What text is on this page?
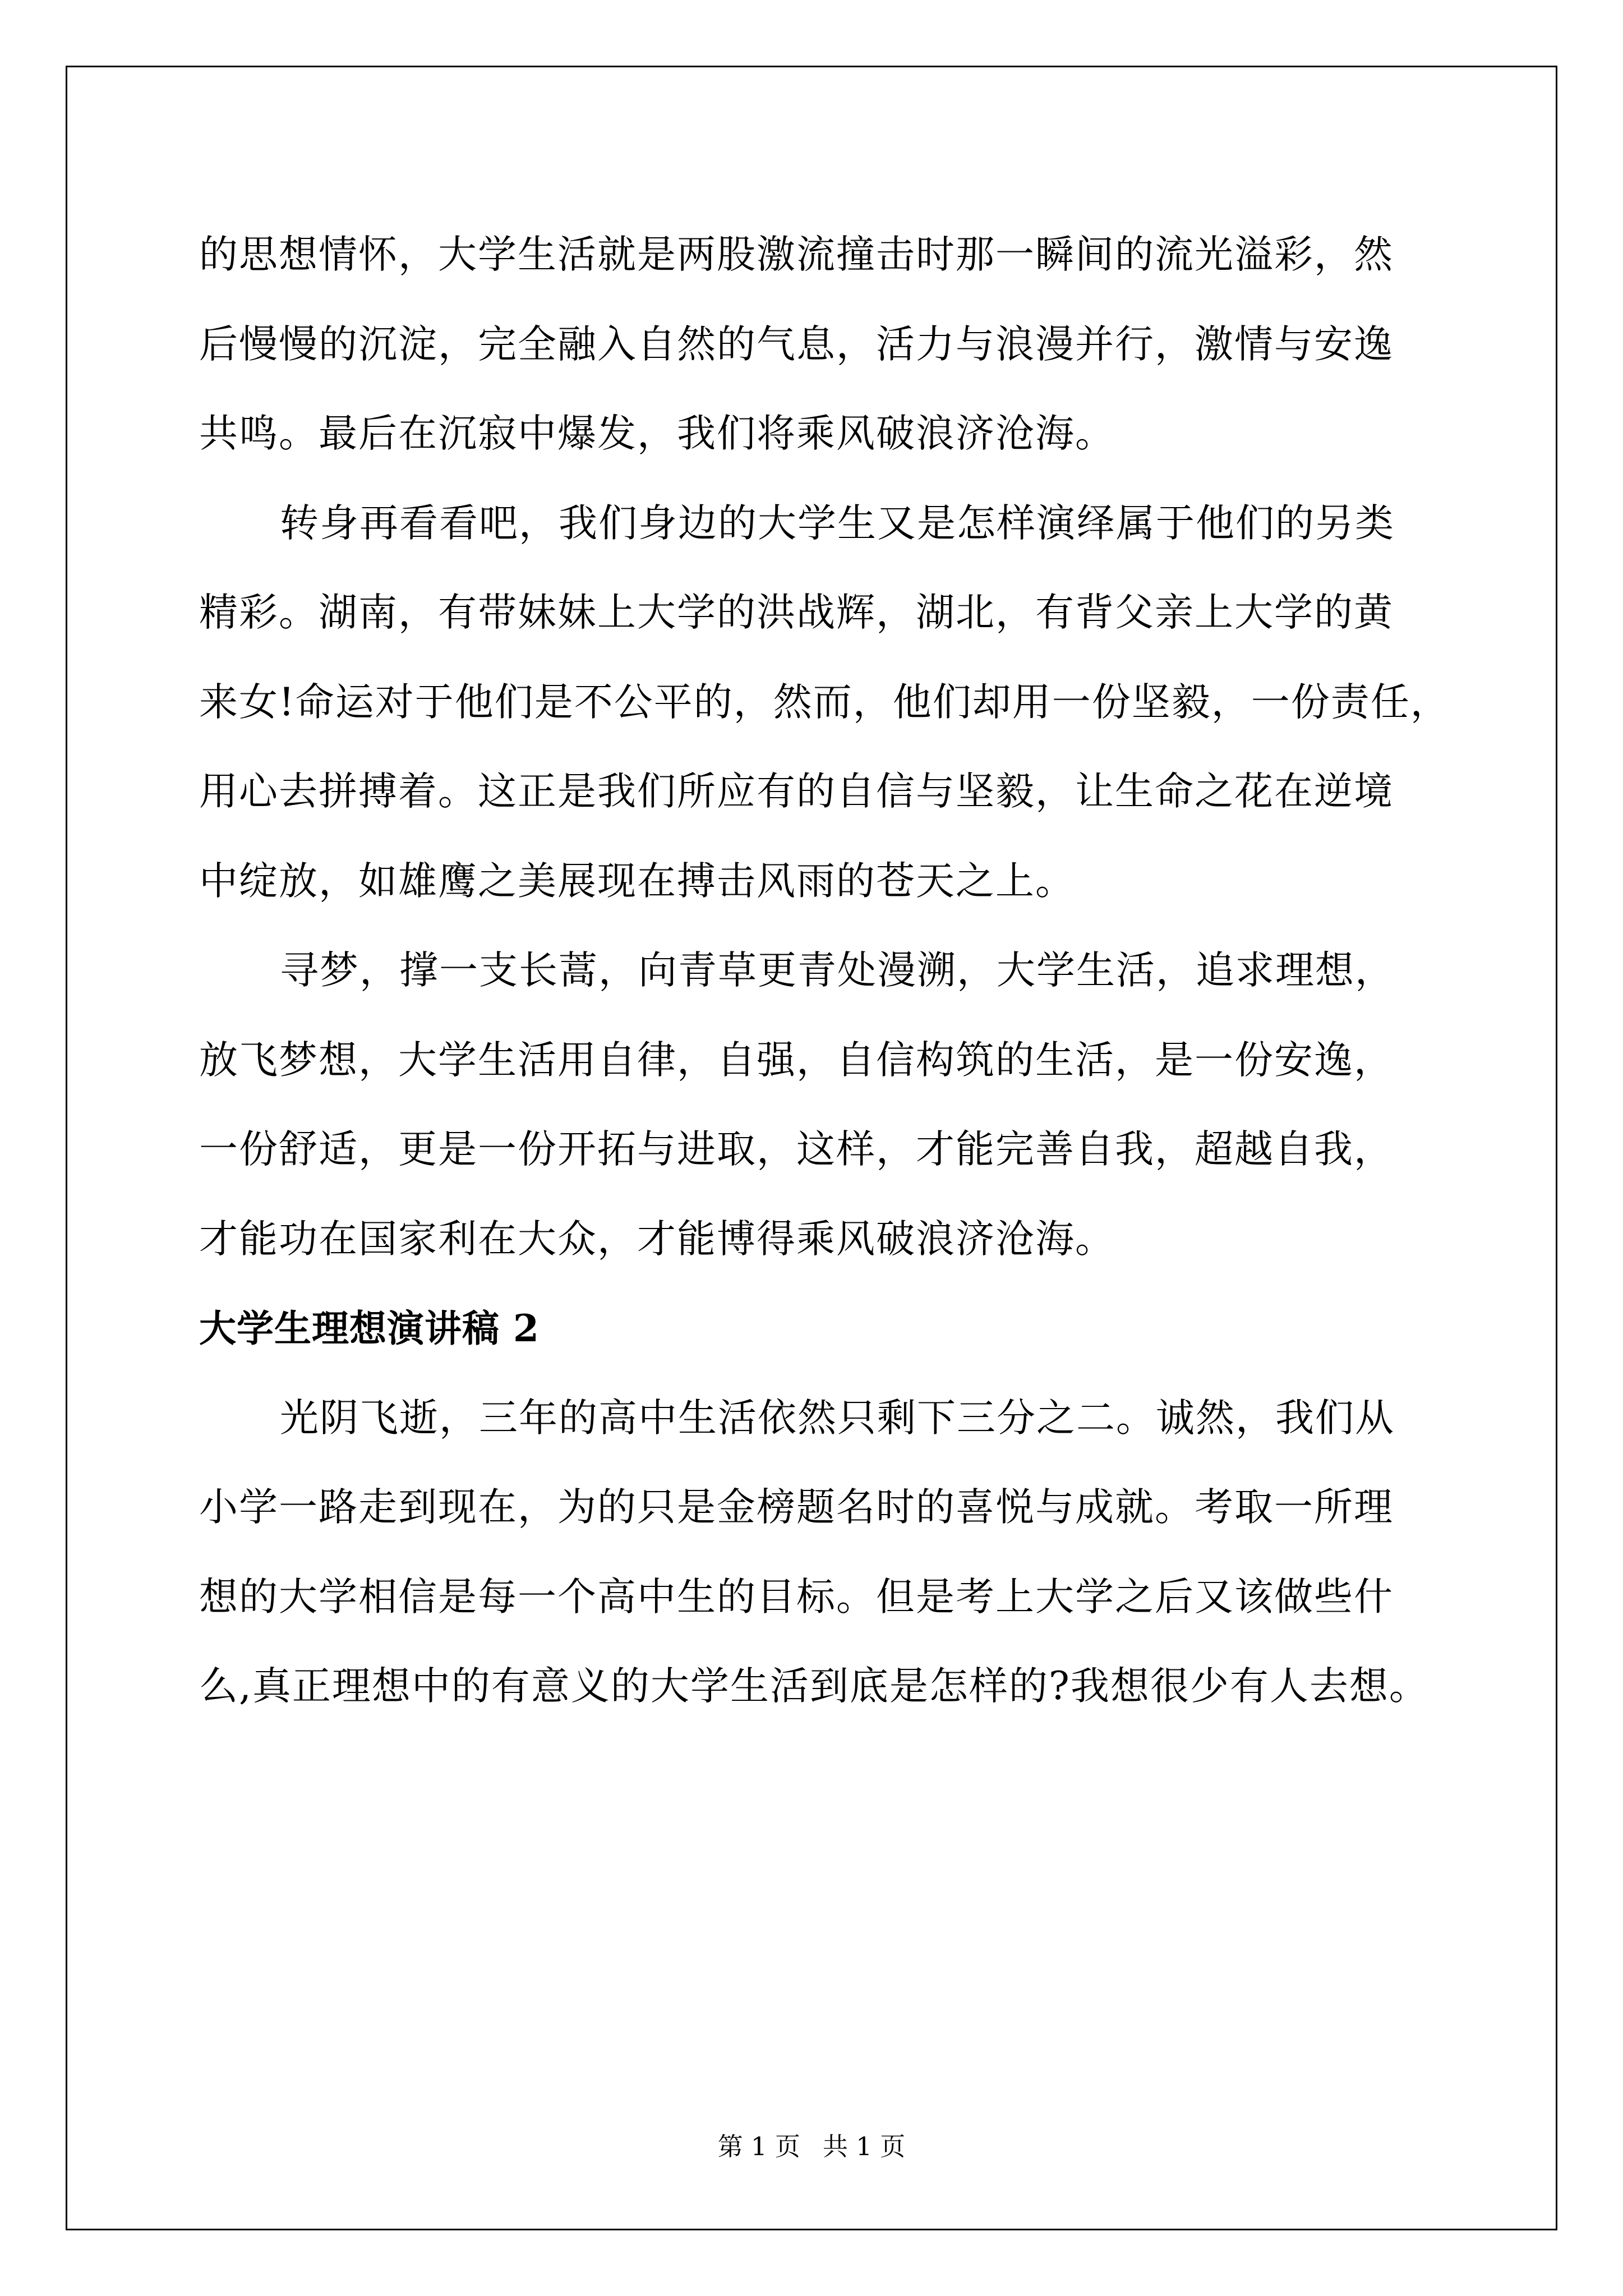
的思想情怀，大学生活就是两股激流撞击时那一瞬间的流光溢彩，然
后慢慢的沉淀，完全融入自然的气息，活力与浪漫并行，激情与安逸
共鸣。最后在沉寂中爆发，我们将乘风破浪济沧海。

转身再看看吧，我们身边的大学生又是怎样演绎属于他们的另类
精彩。湖南，有带妹妹上大学的洪战辉，湖北，有背父亲上大学的黄
来女!命运对于他们是不公平的，然而，他们却用一份坚毅，一份责任，
用心去拼搏着。这正是我们所应有的自信与坚毅，让生命之花在逆境
中绽放，如雄鹰之美展现在搏击风雨的苍天之上。

寻梦，撑一支长蒿，向青草更青处漫溯，大学生活，追求理想，
放飞梦想，大学生活用自律，自强，自信构筑的生活，是一份安逸，
一份舒适，更是一份开拓与进取，这样，才能完善自我，超越自我，
才能功在国家利在大众，才能博得乘风破浪济沧海。

大学生理想演讲稿 2

光阴飞逝，三年的高中生活依然只剩下三分之二。诚然，我们从
小学一路走到现在，为的只是金榜题名时的喜悦与成就。考取一所理
想的大学相信是每一个高中生的目标。但是考上大学之后又该做些什
么,真正理想中的有意义的大学生活到底是怎样的?我想很少有人去想。

第 1 页 共 1 页
